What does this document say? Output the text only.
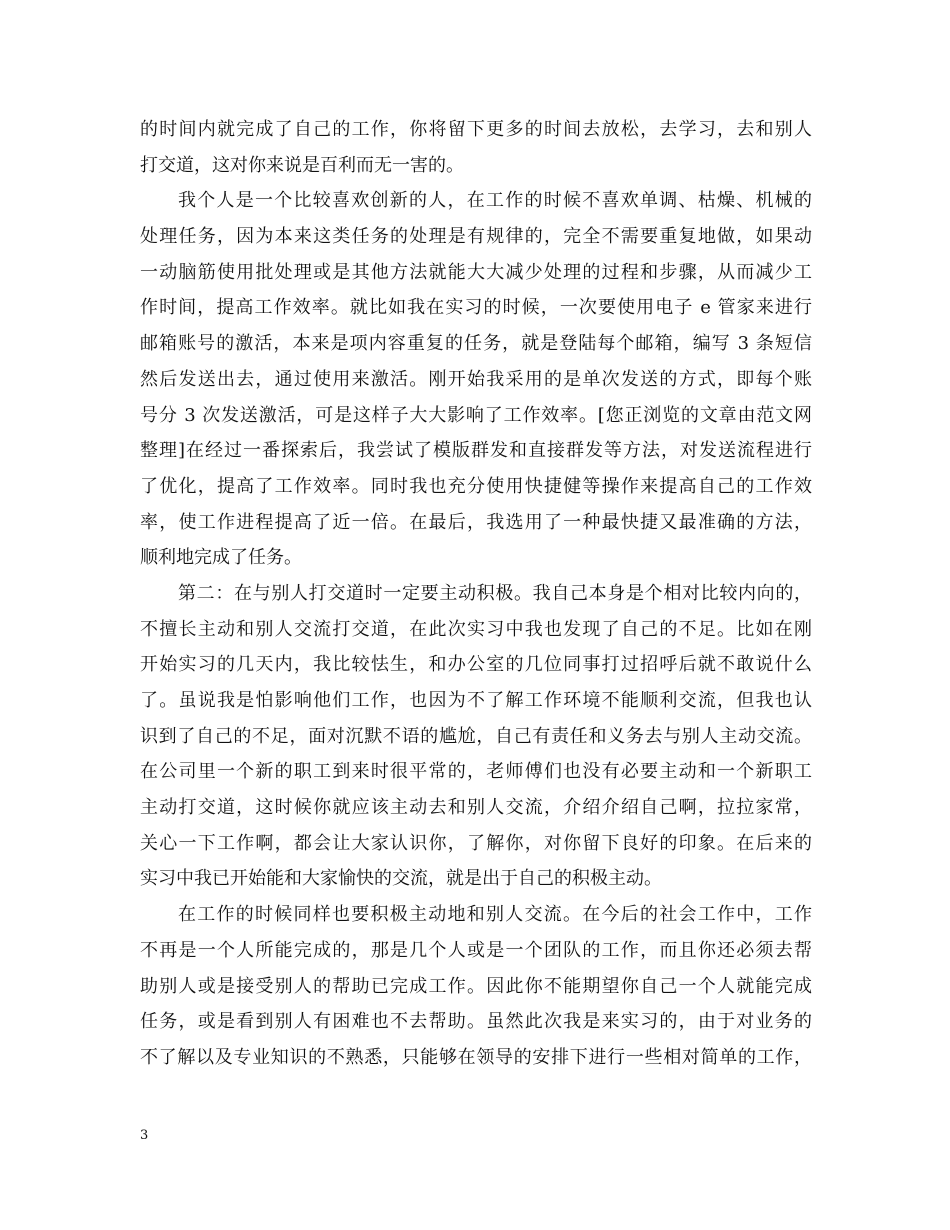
的时间内就完成了自己的工作，你将留下更多的时间去放松，去学习，去和别人
打交道，这对你来说是百利而无一害的。
我个人是一个比较喜欢创新的人，在工作的时候不喜欢单调、枯燥、机械的
处理任务，因为本来这类任务的处理是有规律的，完全不需要重复地做，如果动
一动脑筋使用批处理或是其他方法就能大大减少处理的过程和步骤，从而减少工
作时间，提高工作效率。就比如我在实习的时候，一次要使用电子 e 管家来进行
邮箱账号的激活，本来是项内容重复的任务，就是登陆每个邮箱，编写 3 条短信
然后发送出去，通过使用来激活。刚开始我采用的是单次发送的方式，即每个账
号分 3 次发送激活，可是这样子大大影响了工作效率。[您正浏览的文章由范文网
整理]在经过一番探索后，我尝试了模版群发和直接群发等方法，对发送流程进行
了优化，提高了工作效率。同时我也充分使用快捷健等操作来提高自己的工作效
率，使工作进程提高了近一倍。在最后，我选用了一种最快捷又最准确的方法，
顺利地完成了任务。
第二：在与别人打交道时一定要主动积极。我自己本身是个相对比较内向的，
不擅长主动和别人交流打交道，在此次实习中我也发现了自己的不足。比如在刚
开始实习的几天内，我比较怯生，和办公室的几位同事打过招呼后就不敢说什么
了。虽说我是怕影响他们工作，也因为不了解工作环境不能顺利交流，但我也认
识到了自己的不足，面对沉默不语的尴尬，自己有责任和义务去与别人主动交流。
在公司里一个新的职工到来时很平常的，老师傅们也没有必要主动和一个新职工
主动打交道，这时候你就应该主动去和别人交流，介绍介绍自己啊，拉拉家常，
关心一下工作啊，都会让大家认识你，了解你，对你留下良好的印象。在后来的
实习中我已开始能和大家愉快的交流，就是出于自己的积极主动。
在工作的时候同样也要积极主动地和别人交流。在今后的社会工作中，工作
不再是一个人所能完成的，那是几个人或是一个团队的工作，而且你还必须去帮
助别人或是接受别人的帮助已完成工作。因此你不能期望你自己一个人就能完成
任务，或是看到别人有困难也不去帮助。虽然此次我是来实习的，由于对业务的
不了解以及专业知识的不熟悉，只能够在领导的安排下进行一些相对简单的工作，
3
